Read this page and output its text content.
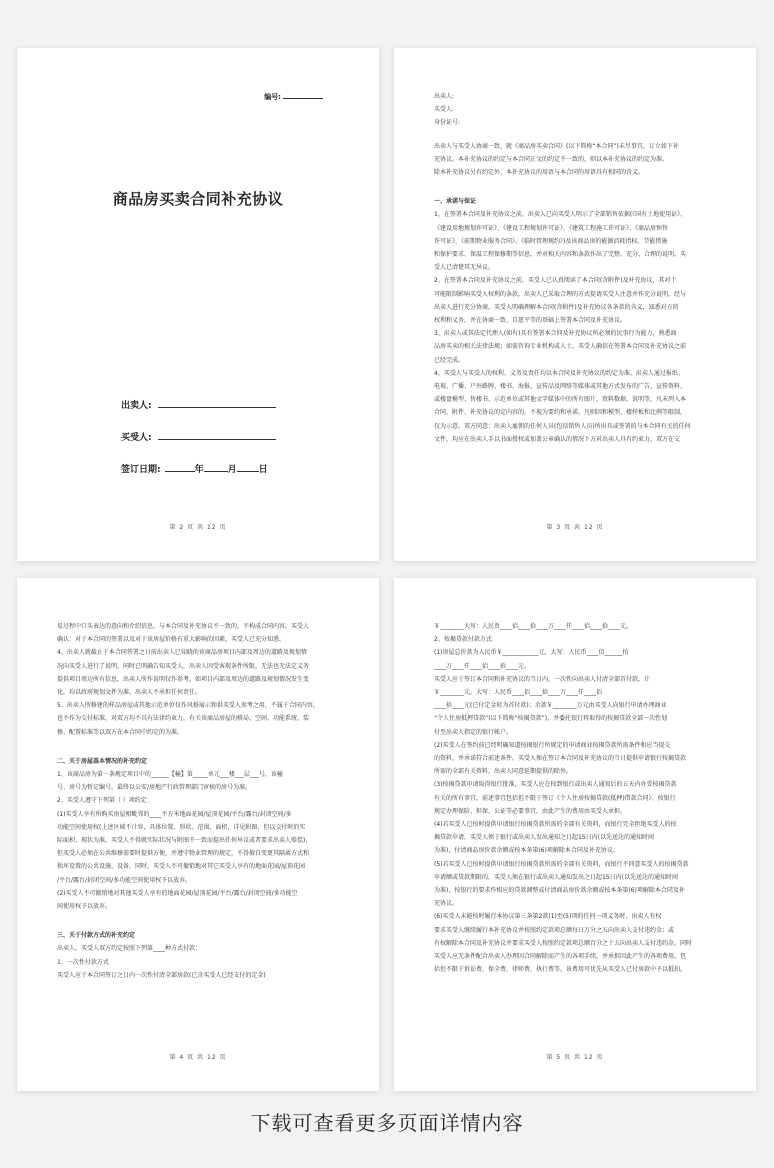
编号:
商品房买卖合同补充协议
出卖人:
买受人:
签订日期:	年	月 日
第 2 页 共 12 页

出卖人:

买受人:

身份证号:

出卖人与买受人协商一致，就《商品房买卖合同》(以下简称“本合同”)未尽事宜，订立如下补

充协议。本补充协议的约定与本合同正文的约定不一致的，则以本补充协议的约定为准。

除本补充协议另有约定外，本补充协议的用语与本合同的用语具有相同的含义。

一、承诺与保证

1、在签署本合同及补充协议之前，出卖人已向买受人明示了全部销售依据(《国有土地使用证》、

《建设用地规划许可证》、《建设工程规划许可证》、《建筑工程施工许可证》、《商品房预售

许可证》、《前期物业服务合同》、《临时管理规约》)及该商品房的能源消耗指标、节能措施

和保护要求、保温工程保修期等信息，并对相关内容和条款作出了完整、充分、合理的说明。买

受人已清楚其无异议。

2、在签署本合同及补充协议之前，买受人已认真阅读了本合同(含附件)及补充协议，其对于

可能限制影响买受人权利的条款，出卖人已采取合理的方式提请买受人注意并作充分说明，经与

出卖人进行充分协商，买受人明确理解本合同(含附件)及补充协议各条款的含义，知悉对方的

权利和义务，并在协商一致、自愿平等的基础上签署本合同及补充协议。

3、出卖人或其法定代理人(如有)具有签署本合同及补充协议所必须的民事行为能力，熟悉商

品房买卖的相关法律法规；如需咨询专业机构或人士，买受人确信在签署本合同及补充协议之前

已经完成。

4、买受人与买受人的权利、义务及责任均以本合同及补充协议的约定为准。出卖人通过报纸、

电视、广播、户外路牌、楼书、海报、宣传品及网络等媒体或其他方式发布的广告、宣传资料，

或楼盘模型、售楼书、示范单位或其他文字媒体中的所有图片、资料数据、说明等，凡未列入本

合同、附件、补充协议的定内容的，不视为要约和承诺。凡则因和模型、楼样板和比例等限制，

仅为示意。双方同意：出卖人雇佣的任何人员(包括销售人员)所出具或签署的与本合同有关的任何

文件，均应在出卖人手以书面授权或加盖公章确认的情况下方对出卖人具有约束力，双方在交

第 3 页 共 12 页

易过程中口头表达的意向和介绍信息，与本合同及补充协议不一致的，不构成合同内容。买受人

确认：对于本合同的签署以及对于该房屋价格有重大影响的因素，买受人已充分知悉。

4、出卖人就截止于本合同签署之日前出卖人已知晓的该商品房项目内部及周边的道路及规划情

况向买受人进行了说明，同时已明确告知买受人，出卖人因受客观条件所限，无法也无法定义务

提供项目周边所有信息，出卖人所作说明仅作参考。如项目内部及周边的道路及规划情况发生变

化，均以政府规划文件为准，出卖人不承担任何责任。

5、出卖人所修建的样品房屋或其他示范单位仅作风格展示和供买受人参考之用，不属于合同内容，

也不作为交付标准，对双方均不具有法律约束力，有关该商品房屋的格局、空间、功能系统、装

修、配置标准等以双方在本合同中约定的为准。

二、关于房屋基本情况的补充约定

1、该商品房为第一条规定项目中的______【幢】第_____单元___楼___层___号，该幢

号、房号为暂定编号，最终以公安/房地产行政管理部门审核的房号为准。

2、买受人遵守下列第（ ）项约定：

(1)买受人享有所购买房屋相毗邻的____平方米地面花园/屋顶花园/平台/露台/封闭空间/多

功能空间使用权(上述区域不计容，具体位置、形状、范围、面积，详见附图，但以交付时的实

际面积、现状为准，买受人不得就实际状况与附图不一致而提出任何异议或者要求出卖人赔偿)，

但买受人必须在公共维修需要时提供方便，并遵守物业管理的规定，不得擅自变更其隔离方式和

损坏设置的公共设施、设备。同时，买受人不可撤销地对其它买受人享有的地面花园/屋顶花园

/平台/露台/封闭空间/多功能空间使用权予以放弃。

(2)买受人不可撤销地对其他买受人享有的地面花园/屋顶花园/平台/露台/封闭空间/多功能空

间使用权予以放弃。

三、关于付款方式的补充约定

出卖人、买受人双方约定按照下列第____种方式付款：

1、一次性付款方式

买受人应于本合同签订之日内一次性付清全部房款(已含买受人已经支付的定金)

第 4 页 共 12 页

￥________大写：人民币____佰____拾____万____仟____佰____拾____元。

2、按揭贷款付款方式

(1)房屋总价款为人民币￥____________元，大写：人民币____佰______拾

____万____仟____佰____拾____元。

买受人应于签订本合同和补充协议的当日内，一次性向出卖人付清全部首付款，计

￥________元，大写：人民币____佰____拾____万____仟____佰

____拾____元(已付定金转为首付款)；余款￥________万元由买受人向银行申请办理商业

“个人住房抵押贷款”(以下简称“按揭贷款”)，并委托银行将取得的按揭贷款全部一次性划

付至出卖人指定的银行帐户。

(2)买受人在签约前已经明确知道按揭银行所规定的申请商业按揭贷款所需条件和应当提交

的资料，并承诺符合前述条件。买受人须在签订本合同及补充协议的当日提供申请银行按揭贷款

所需的全部有关资料，出卖人同意延期提供的除外。

(3)按揭贷款申请取得银行批准，买受人应在按到银行或出卖人通知后的五天内办妥按揭贷款

有关的所有事宜，前述事宜包括但不限于签订《个人住房按揭贷款(抵押)借款合同》、按银行

规定办理保险、担保、公证等必要事宜，由此产生的费用由买受人承担。

(4)若买受人已按时提供申请银行按揭贷款所需的全部有关资料，而银行完全拒绝买受人的按

揭贷款申请，买受人须于银行或出卖人发出通知之日起15日内(以先送达的通知时间

为准)，付清商品房价款余额或按本条第(6)项解除本合同及补充协议。

(5)若买受人已按时提供申请银行按揭贷款所需的全部有关资料，而银行不同意买受人的按揭贷款

申请额或贷款期限的，买受人须在银行或出卖人通知发出之日起15日内(以先送达的通知时间

为准)，按银行的要求作相应的贷款调整或付清商品房价款余额或按本条第(6)项解除本合同及补

充协议。

(6)买受人未能按时履行本协议第三条第2款(1)至(5)项的任何一项义务时，出卖人有权

要求买受人继续履行本补充协议并按照约定款项总额每日万分之五向出卖人支付违约金；或

有权解除本合同及补充协议并要求买受人按照约定款项总额百分之十五向出卖人支付违约金。同时

买受人应无条件配合出卖人办理因合同解除而产生的各项手续，并承担因此产生的各项费用，包

括但不限于诉讼费、保全费、律师费、执行费等，该费用可优先从买受人已付房款中予以抵扣。

第 5 页 共 12 页
下载可查看更多页面详情内容
